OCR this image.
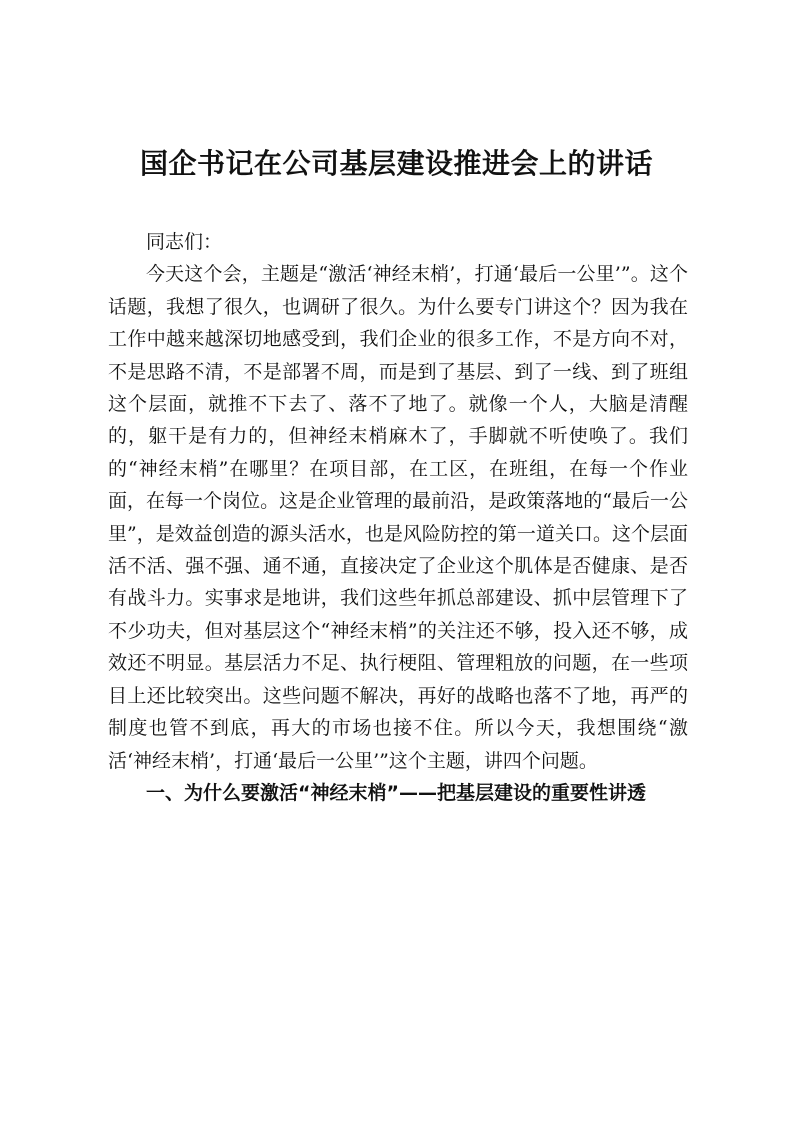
国企书记在公司基层建设推进会上的讲话

同志们：

今天这个会，主题是“激活‘神经末梢’，打通‘最后一公里’”。这个话题，我想了很久，也调研了很久。为什么要专门讲这个？因为我在工作中越来越深切地感受到，我们企业的很多工作，不是方向不对，不是思路不清，不是部署不周，而是到了基层、到了一线、到了班组这个层面，就推不下去了、落不了地了。就像一个人，大脑是清醒的，躯干是有力的，但神经末梢麻木了，手脚就不听使唤了。我们的“神经末梢”在哪里？在项目部，在工区，在班组，在每一个作业面，在每一个岗位。这是企业管理的最前沿，是政策落地的“最后一公里”，是效益创造的源头活水，也是风险防控的第一道关口。这个层面活不活、强不强、通不通，直接决定了企业这个肌体是否健康、是否有战斗力。实事求是地讲，我们这些年抓总部建设、抓中层管理下了不少功夫，但对基层这个“神经末梢”的关注还不够，投入还不够，成效还不明显。基层活力不足、执行梗阻、管理粗放的问题，在一些项目上还比较突出。这些问题不解决，再好的战略也落不了地，再严的制度也管不到底，再大的市场也接不住。所以今天，我想围绕“激活‘神经末梢’，打通‘最后一公里’”这个主题，讲四个问题。

一、为什么要激活“神经末梢”——把基层建设的重要性讲透
